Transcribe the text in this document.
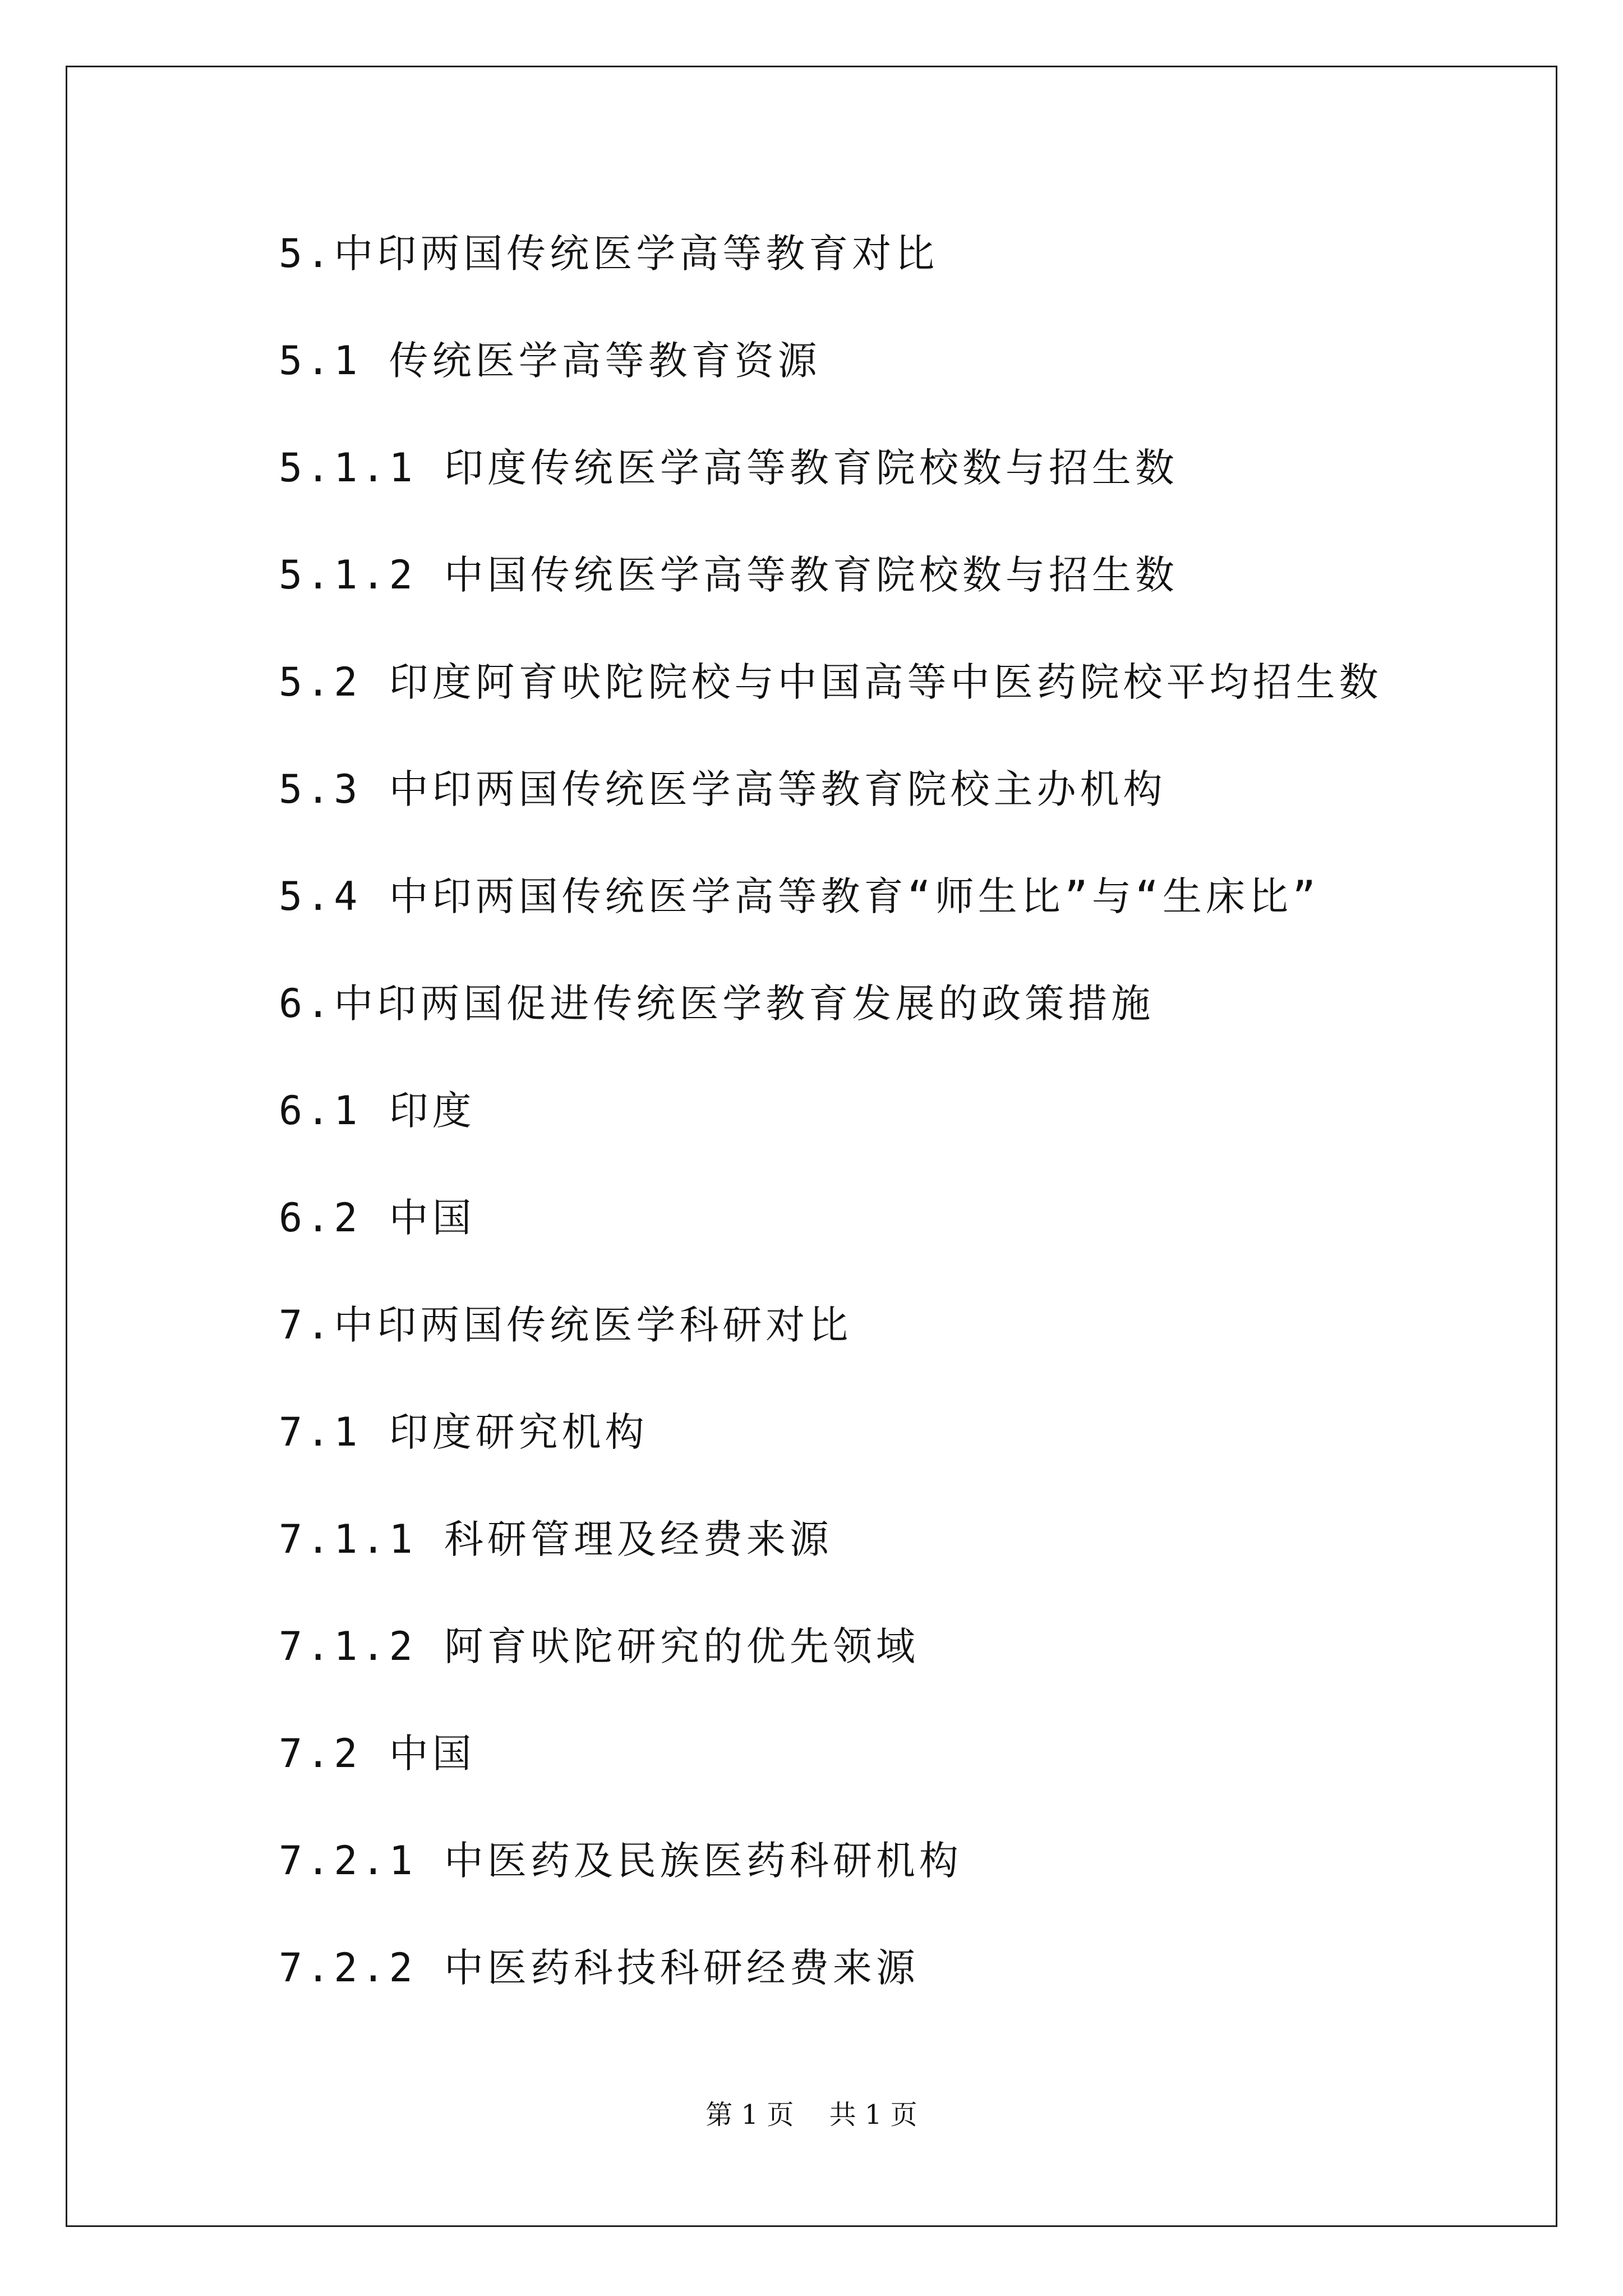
5.中印两国传统医学高等教育对比
5.1 传统医学高等教育资源
5.1.1 印度传统医学高等教育院校数与招生数
5.1.2 中国传统医学高等教育院校数与招生数
5.2 印度阿育吠陀院校与中国高等中医药院校平均招生数
5.3 中印两国传统医学高等教育院校主办机构
5.4 中印两国传统医学高等教育“师生比”与“生床比”
6.中印两国促进传统医学教育发展的政策措施
6.1 印度
6.2 中国
7.中印两国传统医学科研对比
7.1 印度研究机构
7.1.1 科研管理及经费来源
7.1.2 阿育吠陀研究的优先领域
7.2 中国
7.2.1 中医药及民族医药科研机构
7.2.2 中医药科技科研经费来源
第 1 页 共 1 页
